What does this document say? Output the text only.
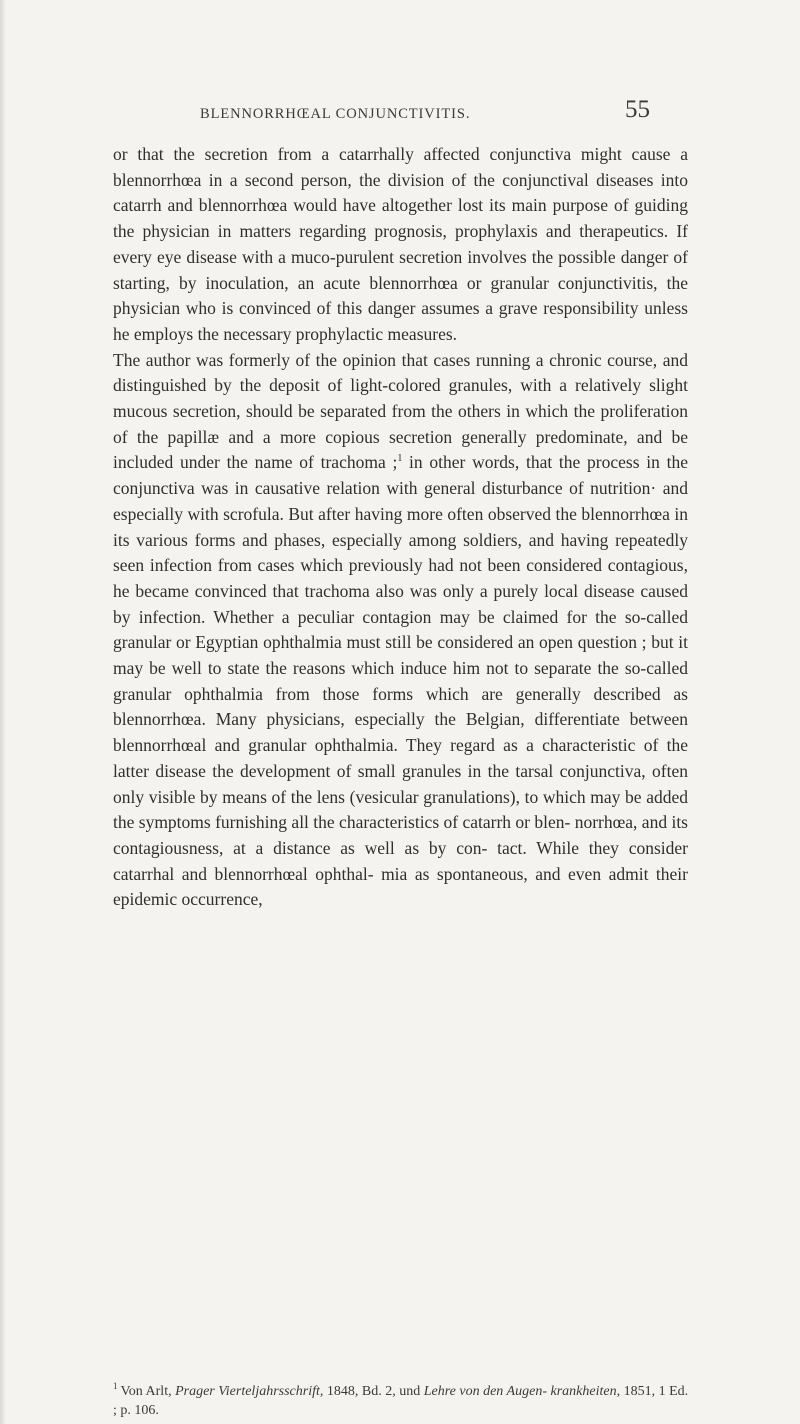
BLENNORRHŒAL CONJUNCTIVITIS.	55

or that the secretion from a catarrhally affected conjunctiva might cause a blennorrhœa in a second person, the division of the conjunctival diseases into catarrh and blennorrhœa would have altogether lost its main purpose of guiding the physician in matters regarding prognosis, prophylaxis and therapeutics. If every eye disease with a muco-purulent secretion involves the possible danger of starting, by inoculation, an acute blennorrhœa or granular conjunctivitis, the physician who is convinced of this danger assumes a grave responsibility unless he employs the necessary prophylactic measures.

The author was formerly of the opinion that cases running a chronic course, and distinguished by the deposit of light-colored granules, with a relatively slight mucous secretion, should be separated from the others in which the proliferation of the papillæ and a more copious secretion generally predominate, and be included under the name of trachoma ;$^1$ in other words, that the process in the conjunctiva was in causative relation with general disturbance of nutrition· and especially with scrofula. But after having more often observed the blennorrhœa in its various forms and phases, especially among soldiers, and having repeatedly seen infection from cases which previously had not been considered contagious, he became convinced that trachoma also was only a purely local disease caused by infection. Whether a peculiar contagion may be claimed for the so-called granular or Egyptian ophthalmia must still be considered an open question ; but it may be well to state the reasons which induce him not to separate the so-called granular ophthalmia from those forms which are generally described as blennorrhœa. Many physicians, especially the Belgian, differentiate between blennorrhœal and granular ophthalmia. They regard as a characteristic of the latter disease the development of small granules in the tarsal conjunctiva, often only visible by means of the lens (vesicular granulations), to which may be added the symptoms furnishing all the characteristics of catarrh or blen- norrhœa, and its contagiousness, at a distance as well as by con- tact. While they consider catarrhal and blennorrhœal ophthal- mia as spontaneous, and even admit their epidemic occurrence,

$^1$ Von Arlt, Prager Vierteljahrsschrift, 1848, Bd. 2, und Lehre von den Augen- krankheiten, 1851, 1 Ed. ; p. 106.
